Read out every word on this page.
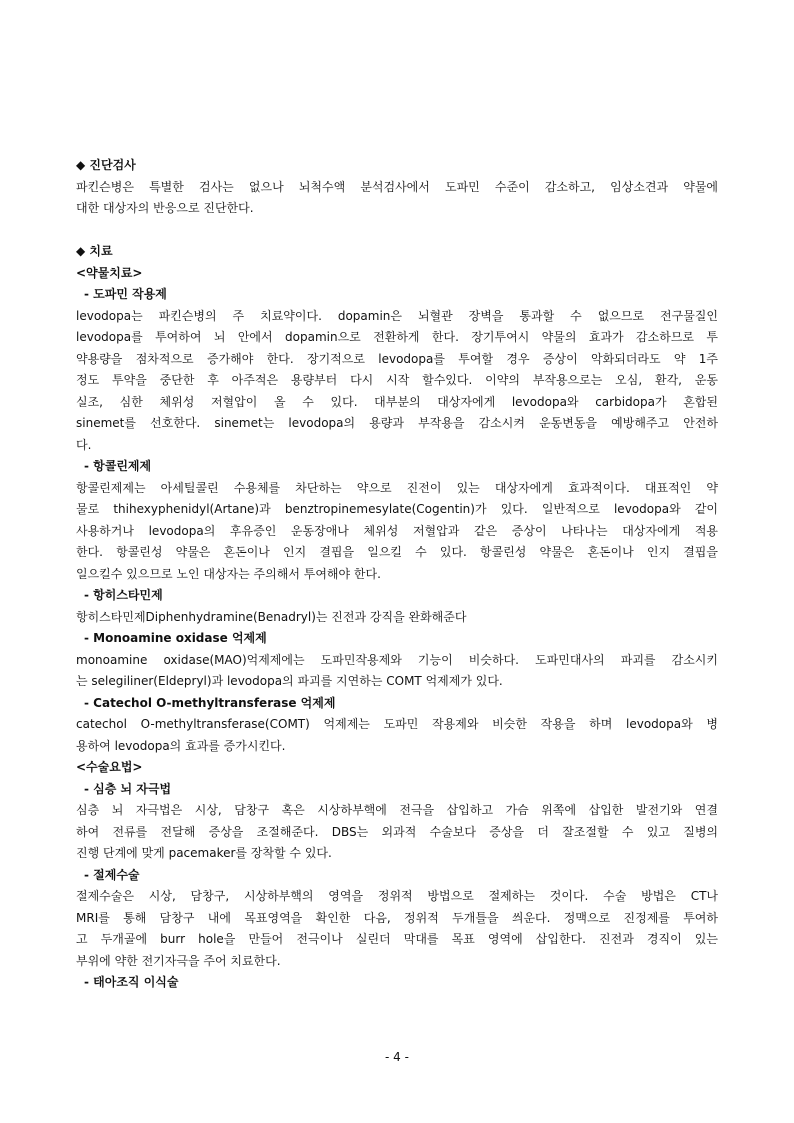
◆ 진단검사
파킨슨병은 특별한 검사는 없으나 뇌척수액 분석검사에서 도파민 수준이 감소하고, 임상소견과 약물에
대한 대상자의 반응으로 진단한다.
◆ 치료
<약물치료>
- 도파민 작용제
levodopa는 파킨슨병의 주 치료약이다. dopamin은 뇌혈관 장벽을 통과할 수 없으므로 전구물질인
levodopa를 투여하여 뇌 안에서 dopamin으로 전환하게 한다. 장기투여시 약물의 효과가 감소하므로 투
약용량을 점차적으로 증가해야 한다. 장기적으로 levodopa를 투여할 경우 증상이 악화되더라도 약 1주
정도 투약을 중단한 후 아주적은 용량부터 다시 시작 할수있다. 이약의 부작용으로는 오심, 환각, 운동
실조, 심한 체위성 저혈압이 올 수 있다. 대부분의 대상자에게 levodopa와 carbidopa가 혼합된
sinemet를 선호한다. sinemet는 levodopa의 용량과 부작용을 감소시켜 운동변동을 예방해주고 안전하
다.
- 항콜린제제
항콜린제제는 아세틸콜린 수용체를 차단하는 약으로 진전이 있는 대상자에게 효과적이다. 대표적인 약
물로 thihexyphenidyl(Artane)과 benztropinemesylate(Cogentin)가 있다. 일반적으로 levodopa와 같이
사용하거나 levodopa의 후유증인 운동장애나 체위성 저혈압과 같은 증상이 나타나는 대상자에게 적용
한다. 항콜린성 약물은 혼돈이나 인지 결핍을 일으킬 수 있다. 항콜린성 약물은 혼돈이나 인지 결핍을
일으킬수 있으므로 노인 대상자는 주의해서 투여해야 한다.
- 항히스타민제
항히스타민제Diphenhydramine(Benadryl)는 진전과 강직을 완화해준다
- Monoamine oxidase 억제제
monoamine oxidase(MAO)억제제에는 도파민작용제와 기능이 비슷하다. 도파민대사의 파괴를 감소시키
는 selegiliner(Eldepryl)과 levodopa의 파괴를 지연하는 COMT 억제제가 있다.
- Catechol O-methyltransferase 억제제
catechol O-methyltransferase(COMT) 억제제는 도파민 작용제와 비슷한 작용을 하며 levodopa와 병
용하여 levodopa의 효과를 증가시킨다.
<수술요법>
- 심층 뇌 자극법
심층 뇌 자극법은 시상, 담창구 혹은 시상하부핵에 전극을 삽입하고 가슴 위쪽에 삽입한 발전기와 연결
하여 전류를 전달해 증상을 조절해준다. DBS는 외과적 수술보다 증상을 더 잘조절할 수 있고 질병의
진행 단계에 맞게 pacemaker를 장착할 수 있다.
- 절제수술
절제수술은 시상, 담창구, 시상하부핵의 영역을 정위적 방법으로 절제하는 것이다. 수술 방법은 CT나
MRI를 통해 담창구 내에 목표영역을 확인한 다음, 정위적 두개틀을 씌운다. 정맥으로 진정제를 투여하
고 두개골에 burr hole을 만들어 전극이나 실린더 막대를 목표 영역에 삽입한다. 진전과 경직이 있는
부위에 약한 전기자극을 주어 치료한다.
- 태아조직 이식술
- 4 -
